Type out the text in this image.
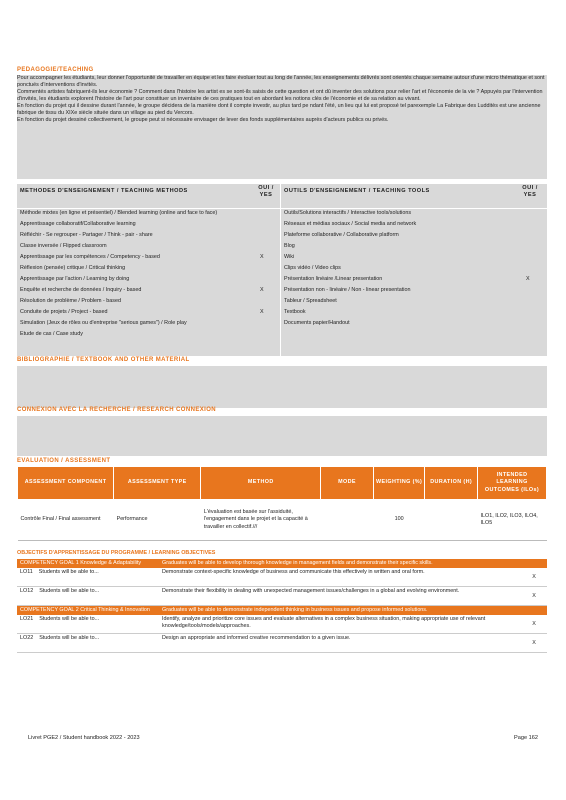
PEDAGOGIE/TEACHING
Pour accompagner les étudiants, leur donner l'opportunité de travailler en équipe et les faire évoluer tout au long de l'année, les enseignements délivrés sont orientés chaque semaine autour d'une micro thématique et sont ponctués d'interventions d'invités.
Commentés artistes fabriquent-ils leur économie ? Comment dans l'histoire les artist es se sont-ils saisis de cette question et ont dû inventer des solutions pour relier l'art et l'économie de la vie ? Appuyés par l'intervention d'invités, les étudiants explorent l'histoire de l'art pour constituer un inventaire de ces pratiques tout en abordant les notions clés de l'économie et de sa relation au vivant.
En fonction du projet qui il dessine durant l'année, le groupe décidera de la manière dont il compte investir, au plus tard pe ndant l'été, un lieu qui lui est proposé tel parexemple La Fabrique des Ludditès est une ancienne fabrique de tissu du XIXe siècle située dans un village au pied du Vercors.
En fonction du projet dessiné collectivement, le groupe peut si nécessaire envisager de lever des fonds supplémentaires auprès d'acteurs publics ou privés.
METHODES D'ENSEIGNEMENT / TEACHING METHODS	OUI / YES
OUTILS D'ENSEIGNEMENT / TEACHING TOOLS	OUI / YES
Méthode mixtes (en ligne et présentiel) / Blended learning (online and face to face)
Apprentissage collaboratif/Collaborative learning
Réfléchir - Se regrouper - Partager / Think - pair - share
Classe inversée / Flipped classroom
Apprentissage par les compétences / Competency - based	X
Réflexion (pensée) critique / Critical thinking
Apprentissage par l'action / Learning by doing
Enquête et recherche de données / Inquiry - based	X
Résolution de problème / Problem - based
Conduite de projets / Project - based	X
Simulation (Jeux de rôles ou d'entreprise "serious games") / Role play
Etude de cas / Case study
Outils/Solutions interactifs / Interactive tools/solutions
Réseaux et médias sociaux / Social media and network
Plateforme collaborative / Collaborative platform
Blog
Wiki
Clips vidéo / Video clips
Présentation linéaire /Linear presentation	X
Présentation non - linéaire / Non - linear presentation
Tableur / Spreadsheet
Textbook
Documents papier/Handout
BIBLIOGRAPHIE / TEXTBOOK AND OTHER MATERIAL
CONNEXION AVEC LA RECHERCHE / RESEARCH CONNEXION
EVALUATION / ASSESSMENT
ASSESSMENT COMPONENT	ASSESSMENT TYPE	METHOD	MODE	WEIGHTING (%)	DURATION (H)	INTENDED LEARNING OUTCOMES (ILOs)
Contrôle Final / Final assessment	Performance	L'évaluation est basée sur l'assiduité, l'engagement dans le projet et la capacité à travailler en collectif.///		100		ILO1, ILO2, ILO3, ILO4, ILO5
OBJECTIFS D'APPRENTISSAGE DU PROGRAMME / LEARNING OBJECTIVES
COMPETENCY GOAL 1 Knowledge & Adaptability	Graduates will be able to develop thorough knowledge in management fields and demonstrate their specific skills.	
LO11 Students will be able to...	Demonstrate context-specific knowledge of business and communicate this effectively in written and oral form.	X
LO12 Students will be able to...	Demonstrate their flexibility in dealing with unexpected management issues/challenges in a global and evolving environment.	X
COMPETENCY GOAL 2 Critical Thinking & Innovation	Graduates will be able to demonstrate independent thinking in business issues and propose informed solutions.	
LO21 Students will be able to...	Identify, analyze and prioritize core issues and evaluate alternatives in a complex business situation, making appropriate use of relevant knowledge/tools/models/approaches.	X
LO22 Students will be able to...	Design an appropriate and informed creative recommendation to a given issue.	X
Livret PGE2 / Student handbook 2022 - 2023	Page 162
